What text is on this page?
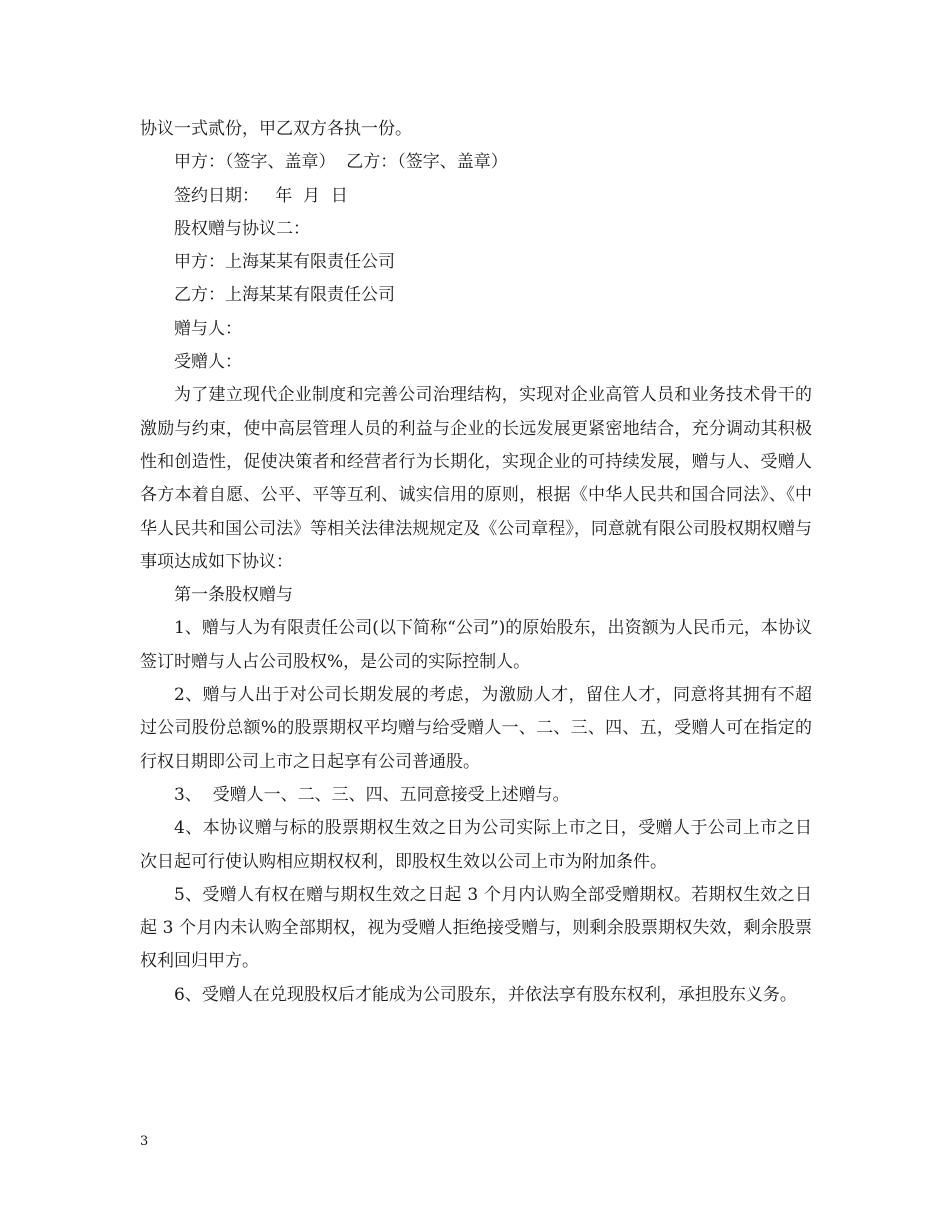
协议一式贰份，甲乙双方各执一份。

甲方：（签字、盖章）  乙方：（签字、盖章）

签约日期：   年  月  日

股权赠与协议二：

甲方：上海某某有限责任公司

乙方：上海某某有限责任公司

赠与人：

受赠人：

为了建立现代企业制度和完善公司治理结构，实现对企业高管人员和业务技术骨干的激励与约束，使中高层管理人员的利益与企业的长远发展更紧密地结合，充分调动其积极性和创造性，促使决策者和经营者行为长期化，实现企业的可持续发展，赠与人、受赠人各方本着自愿、公平、平等互利、诚实信用的原则，根据《中华人民共和国合同法》、《中华人民共和国公司法》等相关法律法规规定及《公司章程》，同意就有限公司股权期权赠与事项达成如下协议：

第一条股权赠与

1、赠与人为有限责任公司(以下简称“公司”)的原始股东，出资额为人民币元，本协议签订时赠与人占公司股权%，是公司的实际控制人。

2、赠与人出于对公司长期发展的考虑，为激励人才，留住人才，同意将其拥有不超过公司股份总额%的股票期权平均赠与给受赠人一、二、三、四、五，受赠人可在指定的行权日期即公司上市之日起享有公司普通股。

3、  受赠人一、二、三、四、五同意接受上述赠与。

4、本协议赠与标的股票期权生效之日为公司实际上市之日，受赠人于公司上市之日次日起可行使认购相应期权权利，即股权生效以公司上市为附加条件。

5、受赠人有权在赠与期权生效之日起 3 个月内认购全部受赠期权。若期权生效之日起 3 个月内未认购全部期权，视为受赠人拒绝接受赠与，则剩余股票期权失效，剩余股票权利回归甲方。

6、受赠人在兑现股权后才能成为公司股东，并依法享有股东权利，承担股东义务。

3
